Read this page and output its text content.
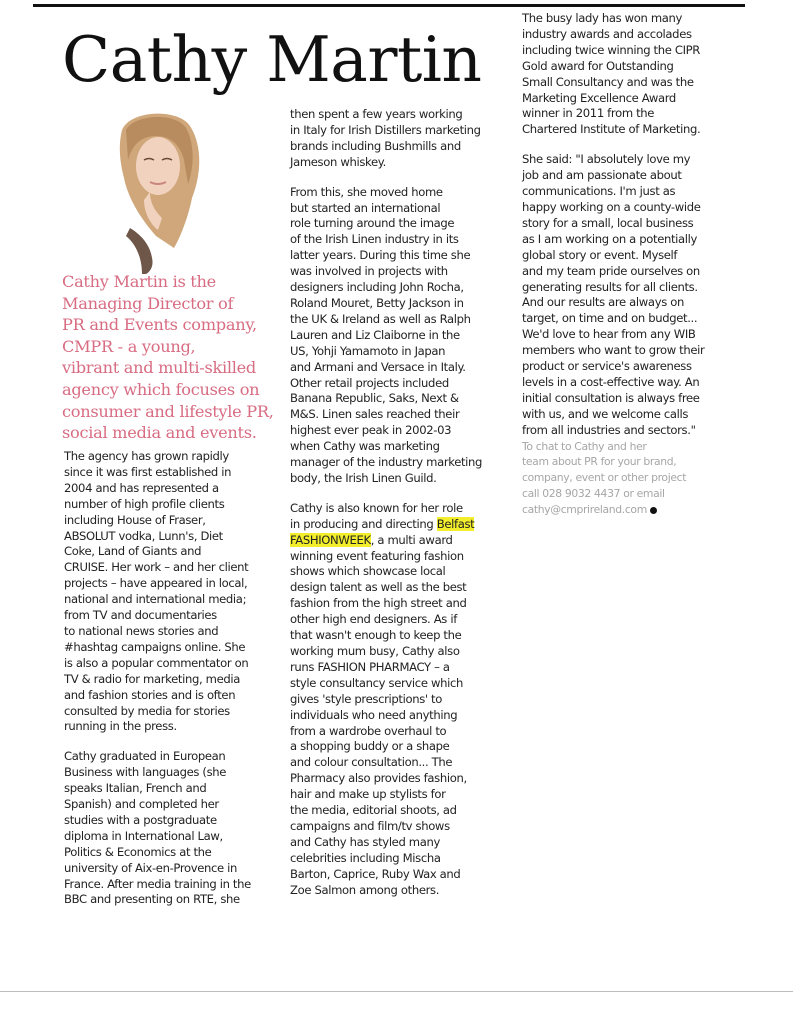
Cathy Martin
Cathy Martin is the
Managing Director of
PR and Events company,
CMPR - a young,
vibrant and multi-skilled
agency which focuses on
consumer and lifestyle PR,
social media and events.
The agency has grown rapidly
since it was first established in
2004 and has represented a
number of high profile clients
including House of Fraser,
ABSOLUT vodka, Lunn's, Diet
Coke, Land of Giants and
CRUISE. Her work – and her client
projects – have appeared in local,
national and international media;
from TV and documentaries
to national news stories and
#hashtag campaigns online. She
is also a popular commentator on
TV & radio for marketing, media
and fashion stories and is often
consulted by media for stories
running in the press.
Cathy graduated in European
Business with languages (she
speaks Italian, French and
Spanish) and completed her
studies with a postgraduate
diploma in International Law,
Politics & Economics at the
university of Aix-en-Provence in
France. After media training in the
BBC and presenting on RTE, she
then spent a few years working
in Italy for Irish Distillers marketing
brands including Bushmills and
Jameson whiskey.
From this, she moved home
but started an international
role turning around the image
of the Irish Linen industry in its
latter years. During this time she
was involved in projects with
designers including John Rocha,
Roland Mouret, Betty Jackson in
the UK & Ireland as well as Ralph
Lauren and Liz Claiborne in the
US, Yohji Yamamoto in Japan
and Armani and Versace in Italy.
Other retail projects included
Banana Republic, Saks, Next &
M&S. Linen sales reached their
highest ever peak in 2002-03
when Cathy was marketing
manager of the industry marketing
body, the Irish Linen Guild.
Cathy is also known for her role
in producing and directing Belfast
FASHIONWEEK, a multi award
winning event featuring fashion
shows which showcase local
design talent as well as the best
fashion from the high street and
other high end designers. As if
that wasn't enough to keep the
working mum busy, Cathy also
runs FASHION PHARMACY – a
style consultancy service which
gives 'style prescriptions' to
individuals who need anything
from a wardrobe overhaul to
a shopping buddy or a shape
and colour consultation... The
Pharmacy also provides fashion,
hair and make up stylists for
the media, editorial shoots, ad
campaigns and film/tv shows
and Cathy has styled many
celebrities including Mischa
Barton, Caprice, Ruby Wax and
Zoe Salmon among others.
The busy lady has won many
industry awards and accolades
including twice winning the CIPR
Gold award for Outstanding
Small Consultancy and was the
Marketing Excellence Award
winner in 2011 from the
Chartered Institute of Marketing.
She said: "I absolutely love my
job and am passionate about
communications. I'm just as
happy working on a county-wide
story for a small, local business
as I am working on a potentially
global story or event. Myself
and my team pride ourselves on
generating results for all clients.
And our results are always on
target, on time and on budget...
We'd love to hear from any WIB
members who want to grow their
product or service's awareness
levels in a cost-effective way. An
initial consultation is always free
with us, and we welcome calls
from all industries and sectors."
To chat to Cathy and her
team about PR for your brand,
company, event or other project
call 028 9032 4437 or email
cathy@cmprireland.com
